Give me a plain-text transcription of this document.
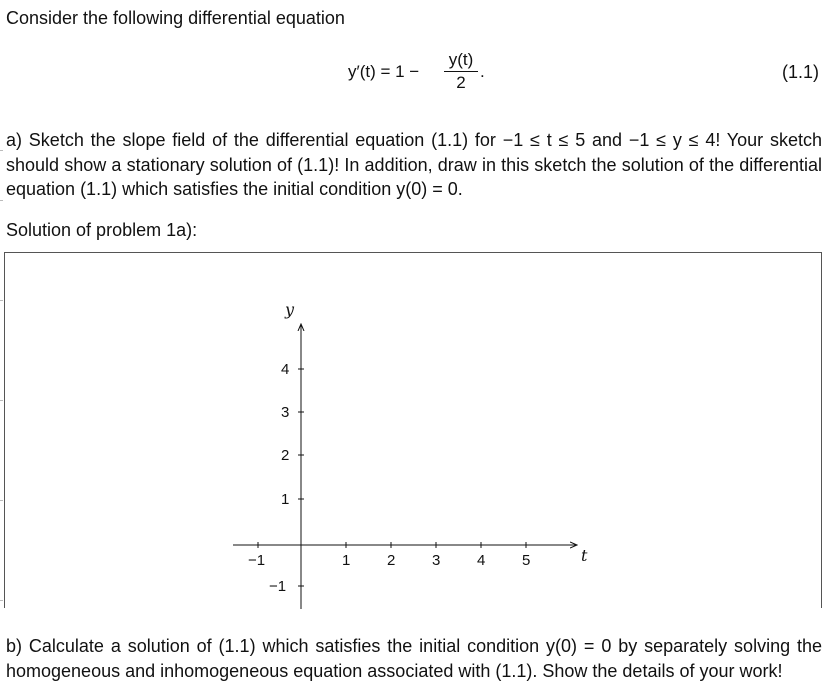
Consider the following differential equation
y′(t) = 1 −
y(t)
2
.	(1.1)
a) Sketch the slope field of the differential equation (1.1) for −1 ≤ t ≤ 5 and −1 ≤ y ≤ 4! Your sketch should show a stationary solution of (1.1)! In addition, draw in this sketch the solution of the differential equation (1.1) which satisfies the initial condition y(0) = 0.
Solution of problem 1a):
y
t
4
3
2
1
−1
−1	1 2 3 4 5
b) Calculate a solution of (1.1) which satisfies the initial condition y(0) = 0 by separately solving the homogeneous and inhomogeneous equation associated with (1.1). Show the details of your work!
